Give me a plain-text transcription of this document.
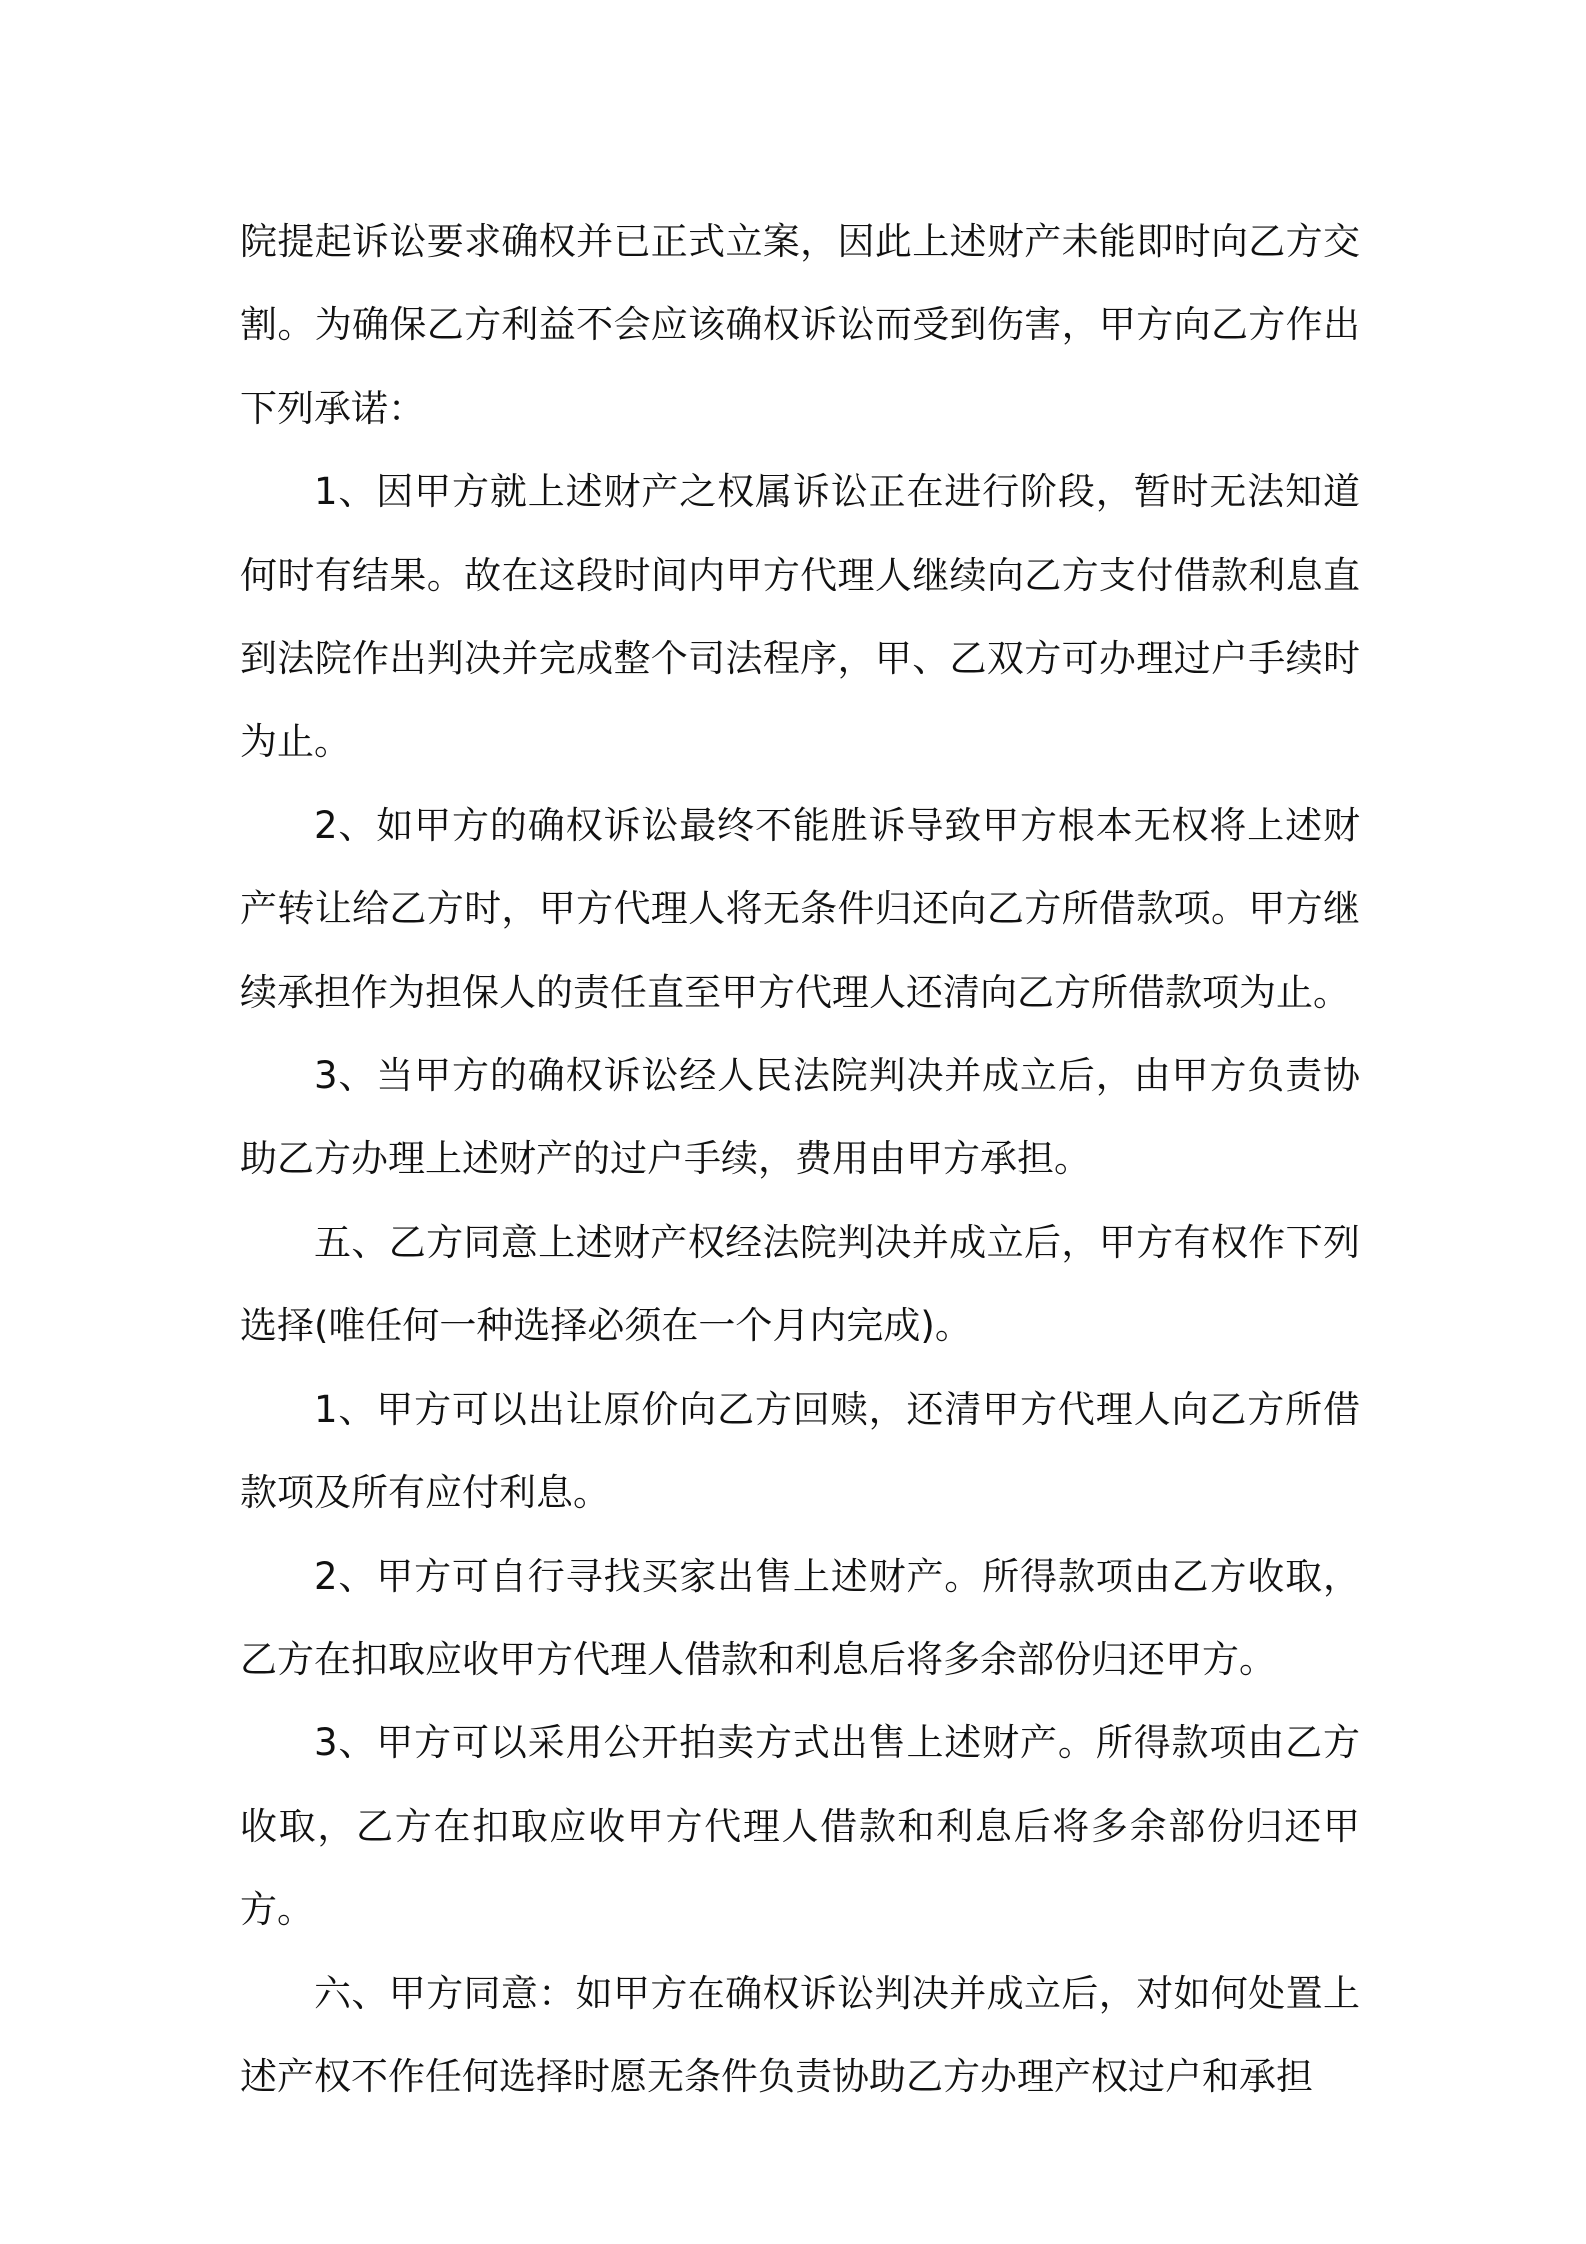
院提起诉讼要求确权并已正式立案，因此上述财产未能即时向乙方交割。为确保乙方利益不会应该确权诉讼而受到伤害，甲方向乙方作出下列承诺：

1、因甲方就上述财产之权属诉讼正在进行阶段，暂时无法知道何时有结果。故在这段时间内甲方代理人继续向乙方支付借款利息直到法院作出判决并完成整个司法程序，甲、乙双方可办理过户手续时为止。

2、如甲方的确权诉讼最终不能胜诉导致甲方根本无权将上述财产转让给乙方时，甲方代理人将无条件归还向乙方所借款项。甲方继续承担作为担保人的责任直至甲方代理人还清向乙方所借款项为止。

3、当甲方的确权诉讼经人民法院判决并成立后，由甲方负责协助乙方办理上述财产的过户手续，费用由甲方承担。

五、乙方同意上述财产权经法院判决并成立后，甲方有权作下列选择(唯任何一种选择必须在一个月内完成)。

1、甲方可以出让原价向乙方回赎，还清甲方代理人向乙方所借款项及所有应付利息。

2、甲方可自行寻找买家出售上述财产。所得款项由乙方收取，乙方在扣取应收甲方代理人借款和利息后将多余部份归还甲方。

3、甲方可以采用公开拍卖方式出售上述财产。所得款项由乙方收取，乙方在扣取应收甲方代理人借款和利息后将多余部份归还甲方。

六、甲方同意：如甲方在确权诉讼判决并成立后，对如何处置上述产权不作任何选择时愿无条件负责协助乙方办理产权过户和承担
